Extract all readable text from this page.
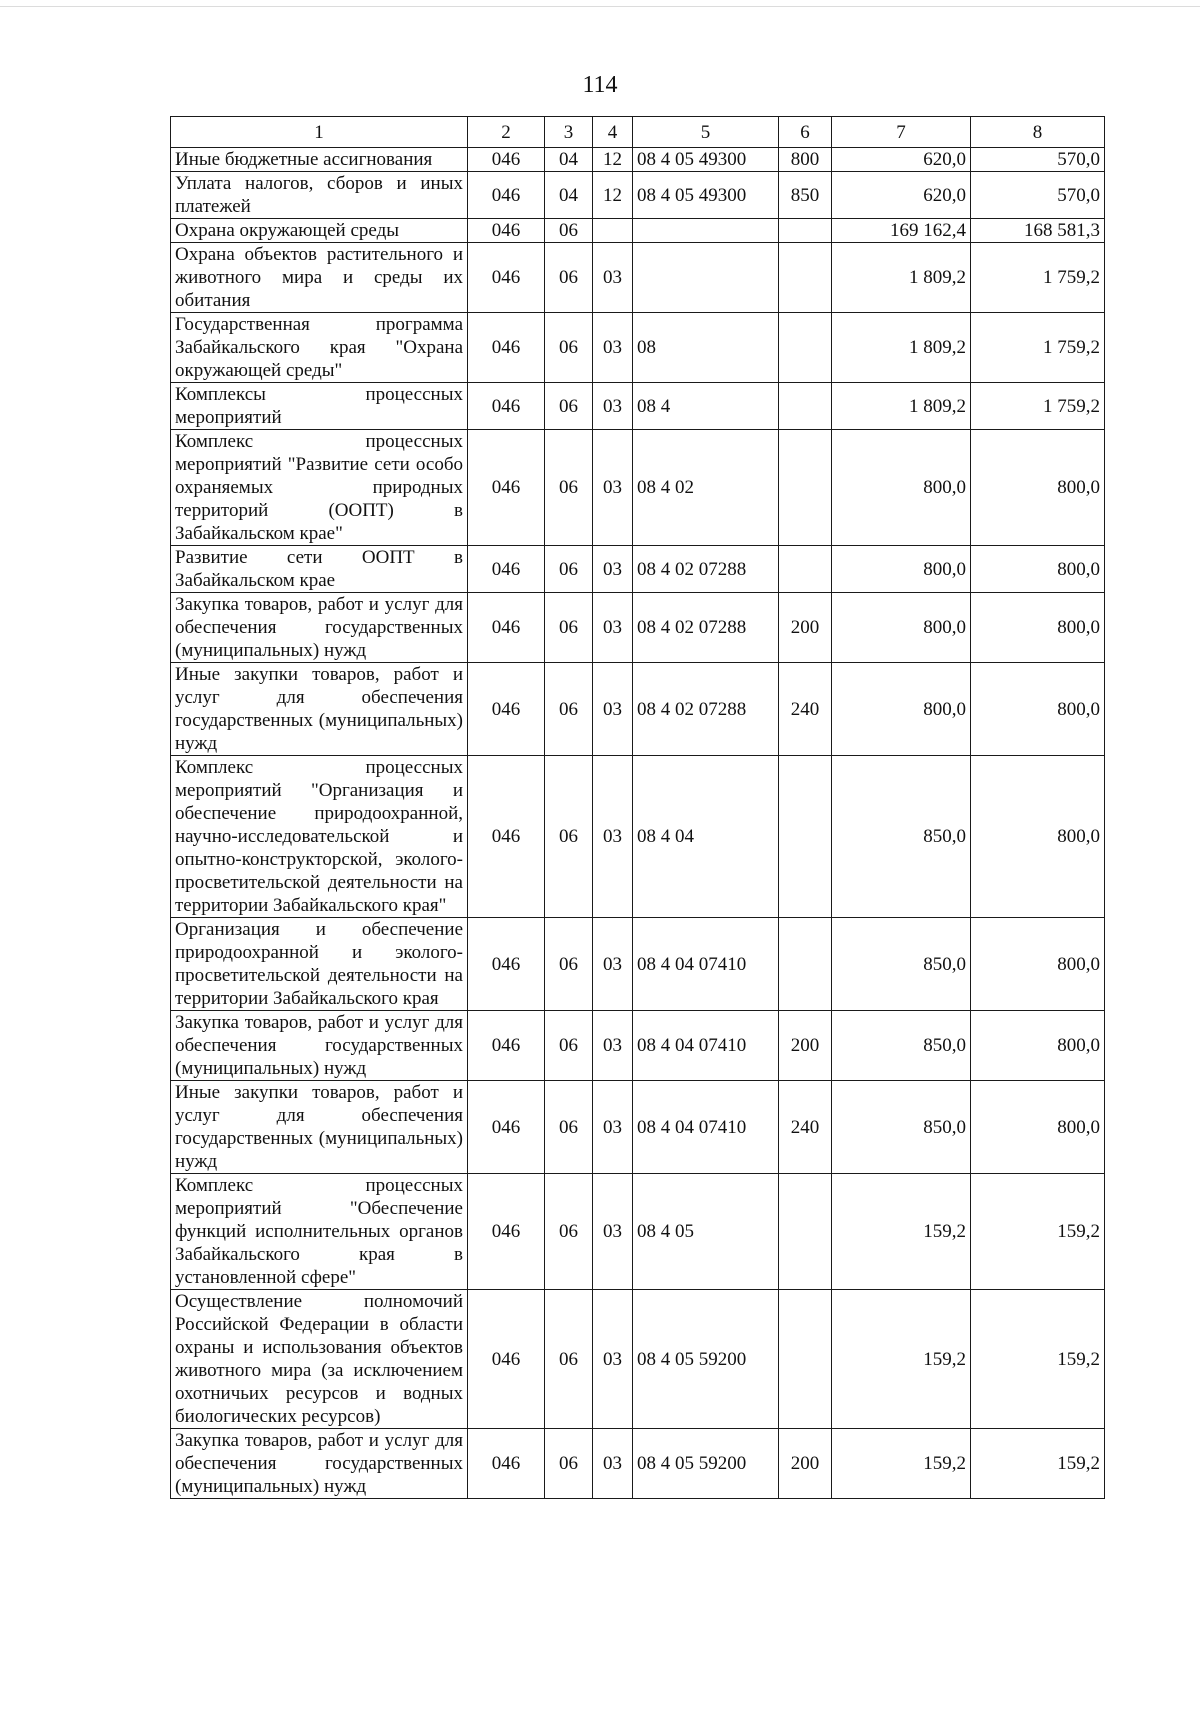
114
1	2	3	4	5	6	7	8
Иные бюджетные ассигнования	046	04	12	08 4 05 49300	800	620,0	570,0
Уплата налогов, сборов и иных платежей	046	04	12	08 4 05 49300	850	620,0	570,0
Охрана окружающей среды	046	06				169 162,4	168 581,3
Охрана объектов растительного и животного мира и среды их обитания	046	06	03			1 809,2	1 759,2
Государственная программа Забайкальского края "Охрана окружающей среды"	046	06	03	08		1 809,2	1 759,2
Комплексы процессных мероприятий	046	06	03	08 4		1 809,2	1 759,2
Комплекс процессных мероприятий "Развитие сети особо охраняемых природных территорий (ООПТ) в Забайкальском крае"	046	06	03	08 4 02		800,0	800,0
Развитие сети ООПТ в Забайкальском крае	046	06	03	08 4 02 07288		800,0	800,0
Закупка товаров, работ и услуг для обеспечения государственных (муниципальных) нужд	046	06	03	08 4 02 07288	200	800,0	800,0
Иные закупки товаров, работ и услуг для обеспечения государственных (муниципальных) нужд	046	06	03	08 4 02 07288	240	800,0	800,0
Комплекс процессных мероприятий "Организация и обеспечение природоохранной, научно-исследовательской и опытно-конструкторской, эколого-просветительской деятельности на территории Забайкальского края"	046	06	03	08 4 04		850,0	800,0
Организация и обеспечение природоохранной и эколого-просветительской деятельности на территории Забайкальского края	046	06	03	08 4 04 07410		850,0	800,0
Закупка товаров, работ и услуг для обеспечения государственных (муниципальных) нужд	046	06	03	08 4 04 07410	200	850,0	800,0
Иные закупки товаров, работ и услуг для обеспечения государственных (муниципальных) нужд	046	06	03	08 4 04 07410	240	850,0	800,0
Комплекс процессных мероприятий "Обеспечение функций исполнительных органов Забайкальского края в установленной сфере"	046	06	03	08 4 05		159,2	159,2
Осуществление полномочий Российской Федерации в области охраны и использования объектов животного мира (за исключением охотничьих ресурсов и водных биологических ресурсов)	046	06	03	08 4 05 59200		159,2	159,2
Закупка товаров, работ и услуг для обеспечения государственных (муниципальных) нужд	046	06	03	08 4 05 59200	200	159,2	159,2
